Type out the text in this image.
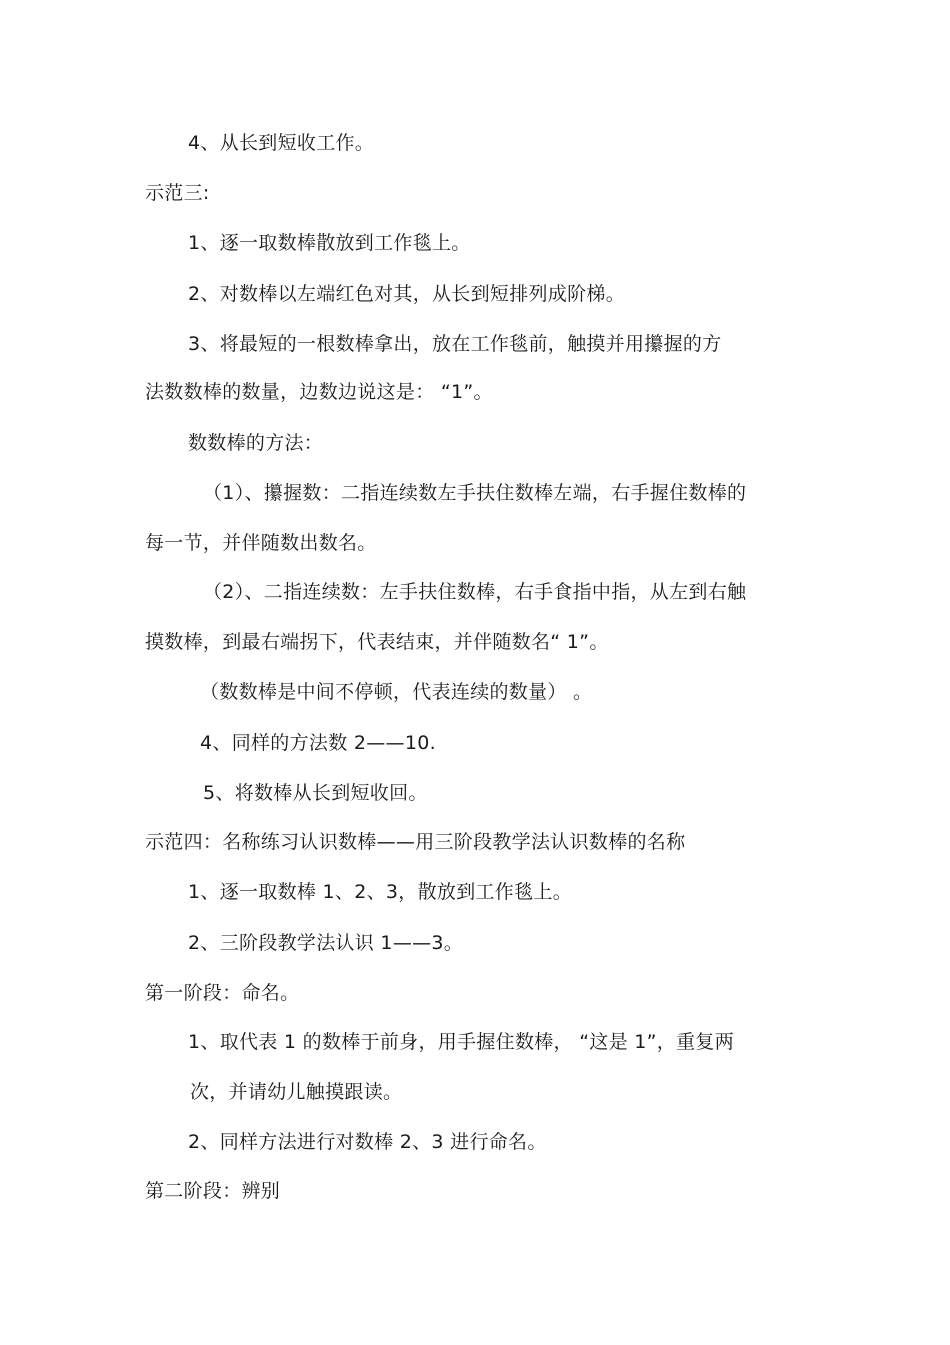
4、从长到短收工作。
示范三:
1、逐一取数棒散放到工作毯上。
2、对数棒以左端红色对其，从长到短排列成阶梯。
3、将最短的一根数棒拿出，放在工作毯前，触摸并用攥握的方
法数数棒的数量，边数边说这是： “1”。
数数棒的方法：
（1）、攥握数：二指连续数左手扶住数棒左端，右手握住数棒的
每一节，并伴随数出数名。
（2）、二指连续数：左手扶住数棒，右手食指中指，从左到右触
摸数棒，到最右端拐下，代表结束，并伴随数名“ 1”。
（数数棒是中间不停顿，代表连续的数量） 。
4、同样的方法数 2——10.
5、将数棒从长到短收回。
示范四：名称练习认识数棒——用三阶段教学法认识数棒的名称
1、逐一取数棒 1、2、3，散放到工作毯上。
2、三阶段教学法认识 1——3。
第一阶段：命名。
1、取代表 1 的数棒于前身，用手握住数棒， “这是 1”，重复两
次，并请幼儿触摸跟读。
2、同样方法进行对数棒 2、3 进行命名。
第二阶段：辨别
